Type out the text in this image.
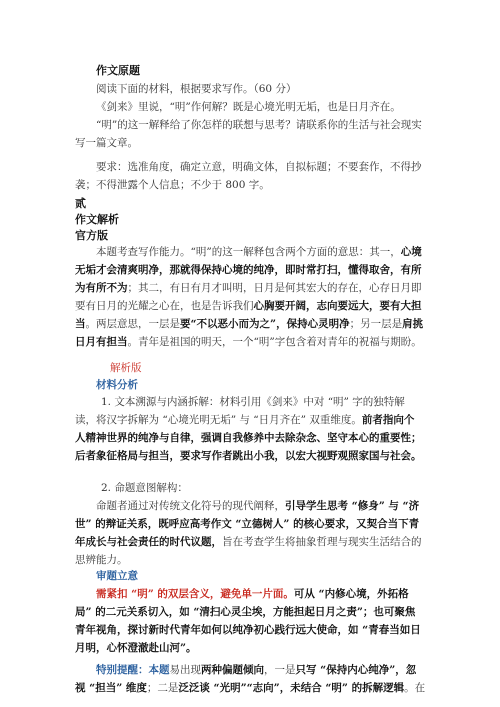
作文原题
阅读下面的材料，根据要求写作。（60 分）
《剑来》里说，“明”作何解？既是心境光明无垢，也是日月齐在。
“明”的这一解释给了你怎样的联想与思考？请联系你的生活与社会现实
写一篇文章。
要求：选准角度，确定立意，明确文体，自拟标题；不要套作，不得抄
袭；不得泄露个人信息；不少于 800 字。
贰
作文解析
官方版
本题考查写作能力。“明”的这一解释包含两个方面的意思：其一，心境
无垢才会清爽明净，那就得保持心境的纯净，即时常打扫，懂得取舍，有所
为有所不为；其二，有日有月才叫明，日月是何其宏大的存在，心存日月即
要有日月的光耀之心在，也是告诉我们心胸要开阔，志向要远大，要有大担
当。两层意思，一层是要“不以恶小而为之”，保持心灵明净；另一层是肩挑
日月有担当。青年是祖国的明天，一个“明”字包含着对青年的祝福与期盼。
解析版
材料分析
1. 文本溯源与内涵拆解：材料引用《剑来》中对 “明” 字的独特解
读，将汉字拆解为 “心境光明无垢” 与 “日月齐在” 双重维度。前者指向个
人精神世界的纯净与自律，强调自我修养中去除杂念、坚守本心的重要性；
后者象征格局与担当，要求写作者跳出小我，以宏大视野观照家国与社会。
2. 命题意图解构：
命题者通过对传统文化符号的现代阐释，引导学生思考 “修身” 与 “济
世” 的辩证关系，既呼应高考作文 “立德树人” 的核心要求，又契合当下青
年成长与社会责任的时代议题，旨在考查学生将抽象哲理与现实生活结合的
思辨能力。
审题立意
需紧扣 “明” 的双层含义，避免单一片面。可从 “内修心境，外拓格
局” 的二元关系切入，如 “清扫心灵尘埃，方能担起日月之责”；也可聚焦
青年视角，探讨新时代青年如何以纯净初心践行远大使命，如 “青春当如日
月明，心怀澄澈赴山河”。
特别提醒：本题易出现两种偏题倾向，一是只写 “保持内心纯净”，忽
视 “担当” 维度；二是泛泛谈 “光明”“志向”，未结合 “明” 的拆解逻辑。在
